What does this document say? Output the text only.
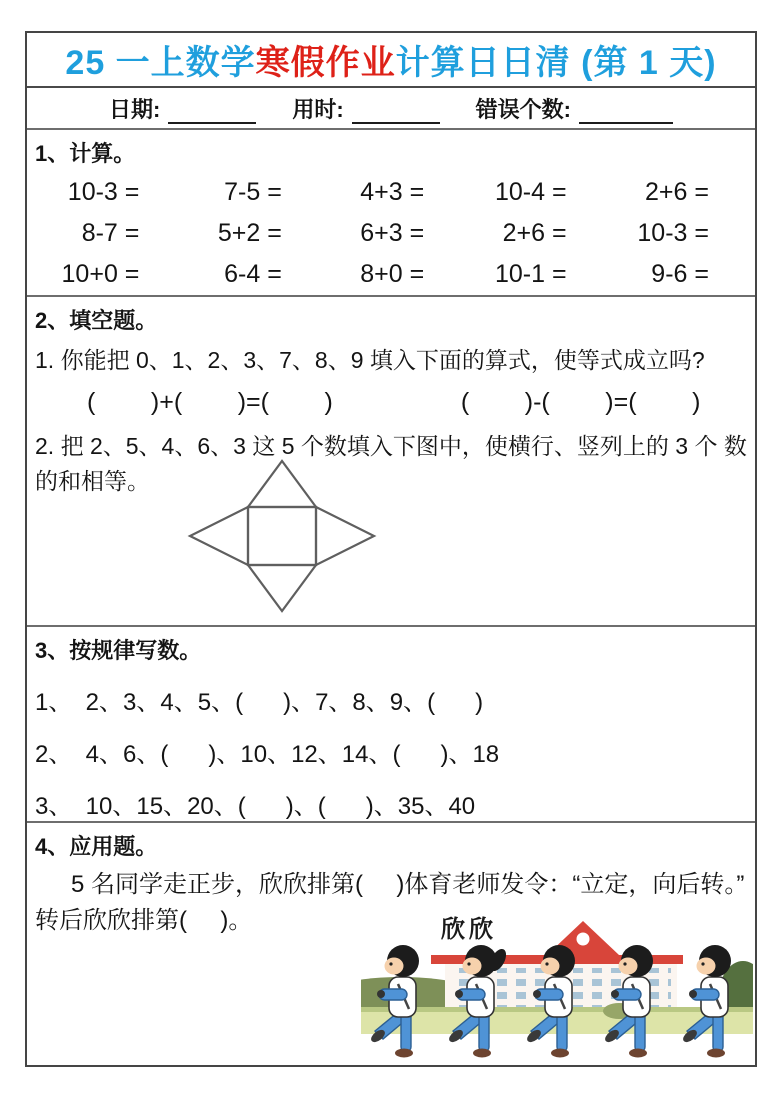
25 一上数学 寒假作业 计算日日清 (第 1 天)
日期:	用时:	错误个数:
1、计算。
10-3 =	7-5 =	4+3 =	10-4 =	2+6 =
8-7 =	5+2 =	6+3 =	2+6 =	10-3 =
10+0 =	6-4 =	8+0 =	10-1 =	9-6 =
2、填空题。
1. 你能把 0、1、2、3、7、8、9 填入下面的算式，使等式成立吗?
(        )+(        )=(        )	(        )-(        )=(        )
2. 把 2、5、4、6、3 这 5 个数填入下图中，使横行、竖列上的 3 个 数
的和相等。
3、按规律写数。
1、  2、3、4、5、(      )、7、8、9、(      )
2、  4、6、(      )、10、12、14、(      )、18
3、  10、15、20、(      )、(      )、35、40
4、应用题。
5 名同学走正步，欣欣排第(     )体育老师发令：“立定，向后转。”
转后欣欣排第(     )。	欣欣
